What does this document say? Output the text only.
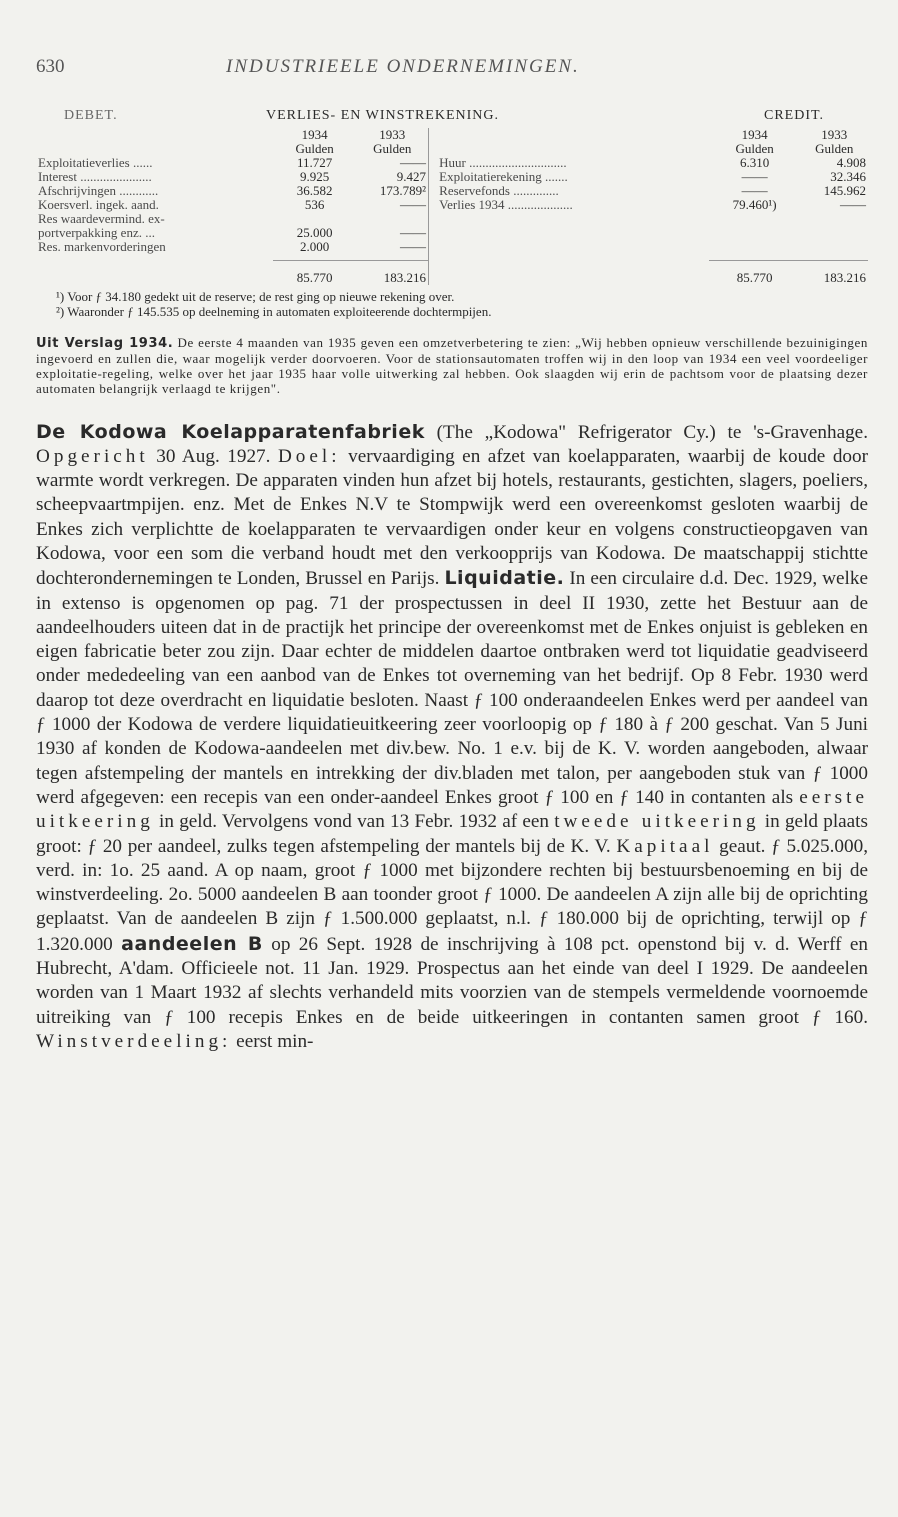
630	INDUSTRIEELE ONDERNEMINGEN.
DEBET.	VERLIES- EN WINSTREKENING.	CREDIT.
	1934	1933			1934	1933
	Gulden	Gulden			Gulden	Gulden
Exploitatieverlies ......	11.727	——		Huur ..............................	6.310	4.908
Interest ......................	9.925	9.427		Exploitatierekening .......	——	32.346
Afschrijvingen ............	36.582	173.789²		Reservefonds ..............	——	145.962
Koersverl. ingek. aand.	536	——		Verlies 1934 ....................	79.460¹)	——
Res waardevermind. ex-						
portverpakking enz. ...	25.000	——				
Res. markenvorderingen	2.000	——				

	85.770	183.216			85.770	183.216
¹) Voor ƒ 34.180 gedekt uit de reserve; de rest ging op nieuwe rekening over.
²) Waaronder ƒ 145.535 op deelneming in automaten exploiteerende dochtermpijen.
Uit Verslag 1934. De eerste 4 maanden van 1935 geven een omzetverbetering te zien: „Wij hebben opnieuw verschillende bezuinigingen ingevoerd en zullen die, waar mogelijk verder doorvoeren. Voor de stationsautomaten troffen wij in den loop van 1934 een veel voordeeliger exploitatie-regeling, welke over het jaar 1935 haar volle uitwerking zal hebben. Ook slaagden wij erin de pachtsom voor de plaatsing dezer automaten belangrijk verlaagd te krijgen".
De Kodowa Koelapparatenfabriek (The „Kodowa" Refrigerator Cy.) te 's-Gravenhage. Opgericht 30 Aug. 1927. Doel: vervaardiging en afzet van koelapparaten, waarbij de koude door warmte wordt verkregen. De apparaten vinden hun afzet bij hotels, restaurants, gestichten, slagers, poeliers, scheepvaartmpijen. enz. Met de Enkes N.V te Stompwijk werd een overeenkomst gesloten waarbij de Enkes zich verplichtte de koelapparaten te vervaardigen onder keur en volgens constructieopgaven van Kodowa, voor een som die verband houdt met den verkoopprijs van Kodowa. De maatschappij stichtte dochterondernemingen te Londen, Brussel en Parijs. Liquidatie. In een circulaire d.d. Dec. 1929, welke in extenso is opgenomen op pag. 71 der prospectussen in deel II 1930, zette het Bestuur aan de aandeelhouders uiteen dat in de practijk het principe der overeenkomst met de Enkes onjuist is gebleken en eigen fabricatie beter zou zijn. Daar echter de middelen daartoe ontbraken werd tot liquidatie geadviseerd onder mededeeling van een aanbod van de Enkes tot overneming van het bedrijf. Op 8 Febr. 1930 werd daarop tot deze overdracht en liquidatie besloten. Naast ƒ 100 onderaandeelen Enkes werd per aandeel van ƒ 1000 der Kodowa de verdere liquidatieuitkeering zeer voorloopig op ƒ 180 à ƒ 200 geschat. Van 5 Juni 1930 af konden de Kodowa-aandeelen met div.bew. No. 1 e.v. bij de K. V. worden aangeboden, alwaar tegen afstempeling der mantels en intrekking der div.bladen met talon, per aangeboden stuk van ƒ 1000 werd afgegeven: een recepis van een onder-aandeel Enkes groot ƒ 100 en ƒ 140 in contanten als eerste uitkeering in geld. Vervolgens vond van 13 Febr. 1932 af een tweede uitkeering in geld plaats groot: ƒ 20 per aandeel, zulks tegen afstempeling der mantels bij de K. V. Kapitaal geaut. ƒ 5.025.000, verd. in: 1o. 25 aand. A op naam, groot ƒ 1000 met bijzondere rechten bij bestuursbenoeming en bij de winstverdeeling. 2o. 5000 aandeelen B aan toonder groot ƒ 1000. De aandeelen A zijn alle bij de oprichting geplaatst. Van de aandeelen B zijn ƒ 1.500.000 geplaatst, n.l. ƒ 180.000 bij de oprichting, terwijl op ƒ 1.320.000 aandeelen B op 26 Sept. 1928 de inschrijving à 108 pct. openstond bij v. d. Werff en Hubrecht, A'dam. Officieele not. 11 Jan. 1929. Prospectus aan het einde van deel I 1929. De aandeelen worden van 1 Maart 1932 af slechts verhandeld mits voorzien van de stempels vermeldende voornoemde uitreiking van ƒ 100 recepis Enkes en de beide uitkeeringen in contanten samen groot ƒ 160. Winstverdeeling: eerst min-
